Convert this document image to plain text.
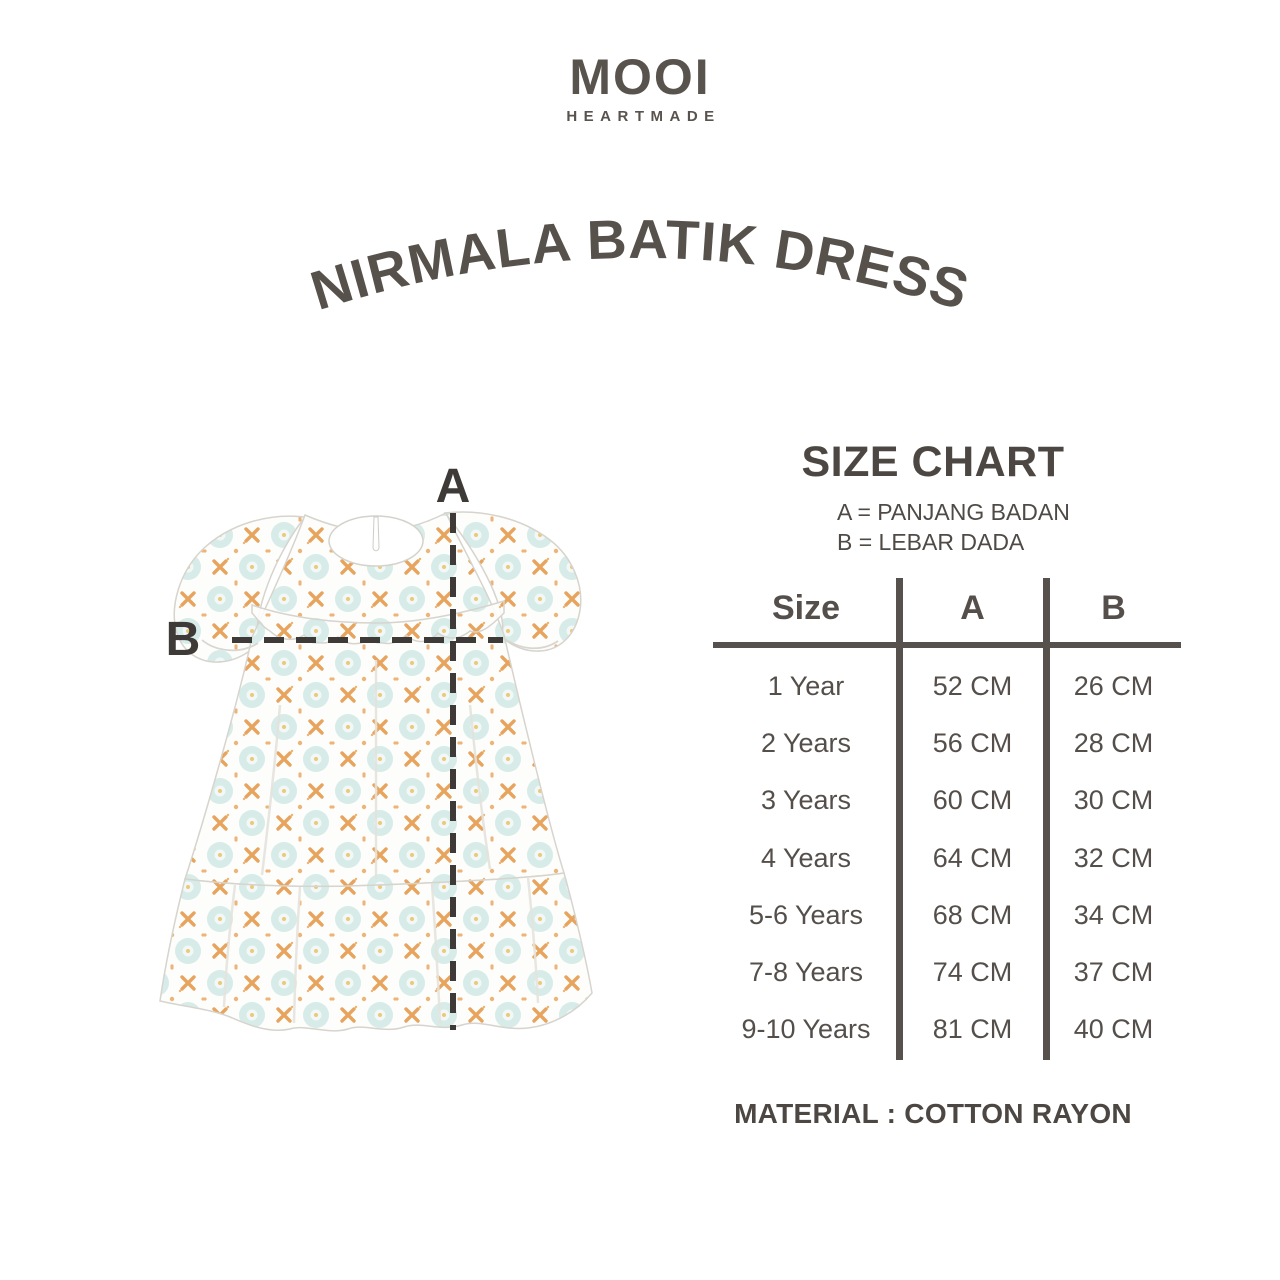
MOOI
HEARTMADE
NIRMALA BATIK DRESS
A
B
SIZE CHART
A = PANJANG BADAN
B = LEBAR DADA
Size	A	B
1 Year	52 CM	26 CM
2 Years	56 CM	28 CM
3 Years	60 CM	30 CM
4 Years	64 CM	32 CM
5-6 Years	68 CM	34 CM
7-8 Years	74 CM	37 CM
9-10 Years	81 CM	40 CM
MATERIAL : COTTON RAYON
